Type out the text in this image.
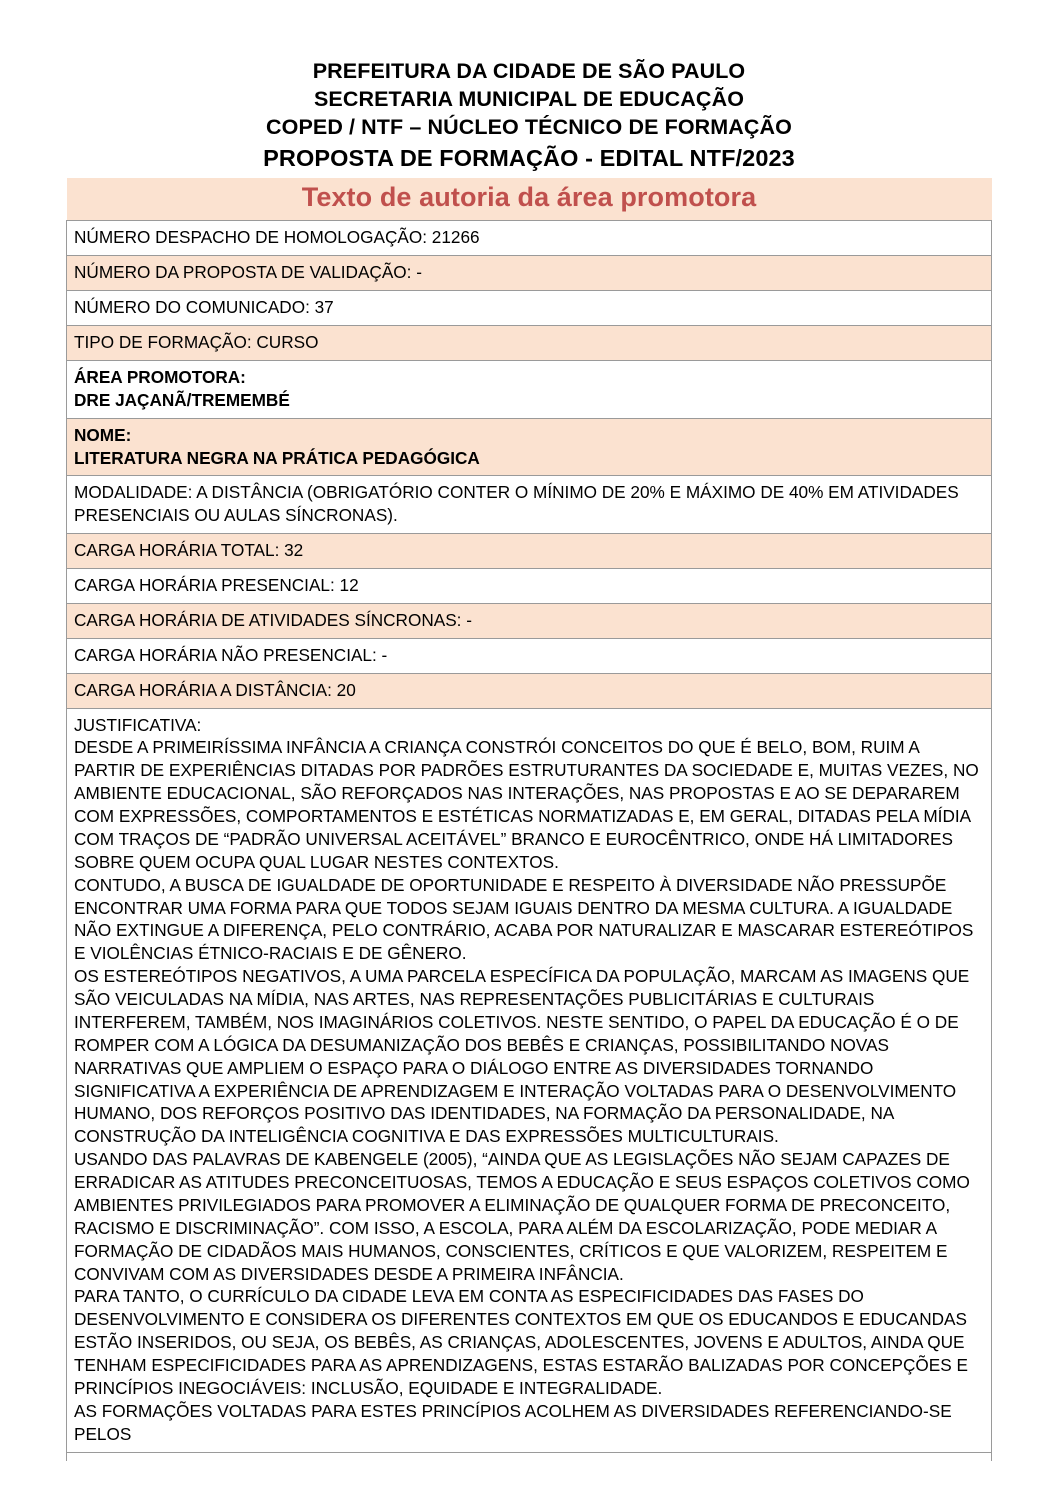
PREFEITURA DA CIDADE DE SÃO PAULO
SECRETARIA MUNICIPAL DE EDUCAÇÃO
COPED / NTF – NÚCLEO TÉCNICO DE FORMAÇÃO
PROPOSTA DE FORMAÇÃO - EDITAL NTF/2023
Texto de autoria da área promotora
NÚMERO DESPACHO DE HOMOLOGAÇÃO: 21266
NÚMERO DA PROPOSTA DE VALIDAÇÃO: -
NÚMERO DO COMUNICADO: 37
TIPO DE FORMAÇÃO: CURSO

ÁREA PROMOTORA:
DRE JAÇANÃ/TREMEMBÉ

NOME:
LITERATURA NEGRA NA PRÁTICA PEDAGÓGICA

MODALIDADE: A DISTÂNCIA (OBRIGATÓRIO CONTER O MÍNIMO DE 20% E MÁXIMO DE 40% EM ATIVIDADES PRESENCIAIS OU AULAS SÍNCRONAS).
CARGA HORÁRIA TOTAL: 32
CARGA HORÁRIA PRESENCIAL: 12
CARGA HORÁRIA DE ATIVIDADES SÍNCRONAS: -
CARGA HORÁRIA NÃO PRESENCIAL: -
CARGA HORÁRIA A DISTÂNCIA: 20

JUSTIFICATIVA:

DESDE A PRIMEIRÍSSIMA INFÂNCIA A CRIANÇA CONSTRÓI CONCEITOS DO QUE É BELO, BOM, RUIM A PARTIR DE EXPERIÊNCIAS DITADAS POR PADRÕES ESTRUTURANTES DA SOCIEDADE E, MUITAS VEZES, NO AMBIENTE EDUCACIONAL, SÃO REFORÇADOS NAS INTERAÇÕES, NAS PROPOSTAS E AO SE DEPARAREM COM EXPRESSÕES, COMPORTAMENTOS E ESTÉTICAS NORMATIZADAS E, EM GERAL, DITADAS PELA MÍDIA COM TRAÇOS DE “PADRÃO UNIVERSAL ACEITÁVEL” BRANCO E EUROCÊNTRICO, ONDE HÁ LIMITADORES SOBRE QUEM OCUPA QUAL LUGAR NESTES CONTEXTOS.

CONTUDO, A BUSCA DE IGUALDADE DE OPORTUNIDADE E RESPEITO À DIVERSIDADE NÃO PRESSUPÕE ENCONTRAR UMA FORMA PARA QUE TODOS SEJAM IGUAIS DENTRO DA MESMA CULTURA. A IGUALDADE NÃO EXTINGUE A DIFERENÇA, PELO CONTRÁRIO, ACABA POR NATURALIZAR E MASCARAR ESTEREÓTIPOS E VIOLÊNCIAS ÉTNICO-RACIAIS E DE GÊNERO.

OS ESTEREÓTIPOS NEGATIVOS, A UMA PARCELA ESPECÍFICA DA POPULAÇÃO, MARCAM AS IMAGENS QUE SÃO VEICULADAS NA MÍDIA, NAS ARTES, NAS REPRESENTAÇÕES PUBLICITÁRIAS E CULTURAIS INTERFEREM, TAMBÉM, NOS IMAGINÁRIOS COLETIVOS. NESTE SENTIDO, O PAPEL DA EDUCAÇÃO É O DE ROMPER COM A LÓGICA DA DESUMANIZAÇÃO DOS BEBÊS E CRIANÇAS, POSSIBILITANDO NOVAS NARRATIVAS QUE AMPLIEM O ESPAÇO PARA O DIÁLOGO ENTRE AS DIVERSIDADES TORNANDO SIGNIFICATIVA A EXPERIÊNCIA DE APRENDIZAGEM E INTERAÇÃO VOLTADAS PARA O DESENVOLVIMENTO HUMANO, DOS REFORÇOS POSITIVO DAS IDENTIDADES, NA FORMAÇÃO DA PERSONALIDADE, NA CONSTRUÇÃO DA INTELIGÊNCIA COGNITIVA E DAS EXPRESSÕES MULTICULTURAIS.

USANDO DAS PALAVRAS DE KABENGELE (2005), “AINDA QUE AS LEGISLAÇÕES NÃO SEJAM CAPAZES DE ERRADICAR AS ATITUDES PRECONCEITUOSAS, TEMOS A EDUCAÇÃO E SEUS ESPAÇOS COLETIVOS COMO AMBIENTES PRIVILEGIADOS PARA PROMOVER A ELIMINAÇÃO DE QUALQUER FORMA DE PRECONCEITO, RACISMO E DISCRIMINAÇÃO”. COM ISSO, A ESCOLA, PARA ALÉM DA ESCOLARIZAÇÃO, PODE MEDIAR A FORMAÇÃO DE CIDADÃOS MAIS HUMANOS, CONSCIENTES, CRÍTICOS E QUE VALORIZEM, RESPEITEM E CONVIVAM COM AS DIVERSIDADES DESDE A PRIMEIRA INFÂNCIA.

PARA TANTO, O CURRÍCULO DA CIDADE LEVA EM CONTA AS ESPECIFICIDADES DAS FASES DO DESENVOLVIMENTO E CONSIDERA OS DIFERENTES CONTEXTOS EM QUE OS EDUCANDOS E EDUCANDAS ESTÃO INSERIDOS, OU SEJA, OS BEBÊS, AS CRIANÇAS, ADOLESCENTES, JOVENS E ADULTOS, AINDA QUE TENHAM ESPECIFICIDADES PARA AS APRENDIZAGENS, ESTAS ESTARÃO BALIZADAS POR CONCEPÇÕES E PRINCÍPIOS INEGOCIÁVEIS: INCLUSÃO, EQUIDADE E INTEGRALIDADE.

AS FORMAÇÕES VOLTADAS PARA ESTES PRINCÍPIOS ACOLHEM AS DIVERSIDADES REFERENCIANDO-SE PELOS
